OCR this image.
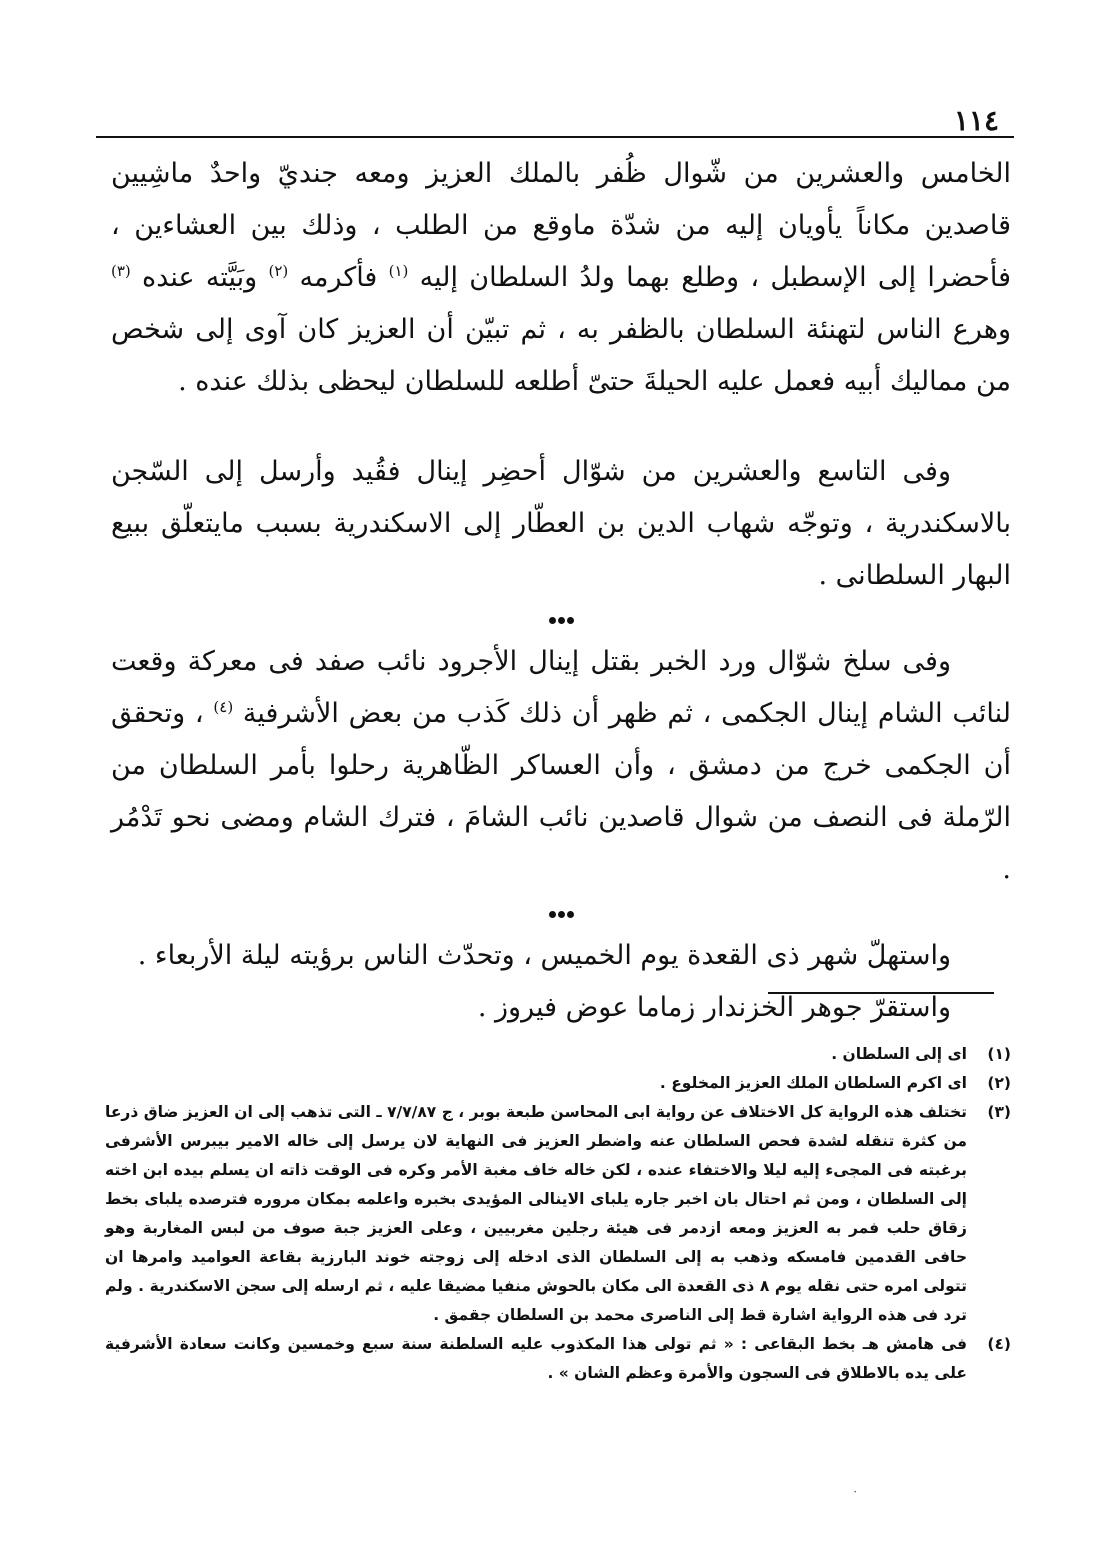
١١٤

الخامس والعشرين من شّوال ظُفر بالملك العزيز ومعه جنديّ واحدٌ ماشِيين قاصدين مكاناً يأويان إليه من شدّة ماوقع من الطلب ، وذلك بين العشاءين ، فأحضرا إلى الإسطبل ، وطلع بهما ولدُ السلطان إليه $^{(١)}$ فأكرمه $^{(٢)}$ وبَيَّته عنده $^{(٣)}$ وهرع الناس لتهنئة السلطان بالظفر به ، ثم تبيّن أن العزيز كان آوى إلى شخص من مماليك أبيه فعمل عليه الحيلةَ حتىّ أطلعه للسلطان ليحظى بذلك عنده .

وفى التاسع والعشرين من شوّال أحضِر إينال فقُيد وأرسل إلى السّجن بالاسكندرية ، وتوجّه شهاب الدين بن العطّار إلى الاسكندرية بسبب مايتعلّق ببيع البهار السلطانى .

وفى سلخ شوّال ورد الخبر بقتل إينال الأجرود نائب صفد فى معركة وقعت لنائب الشام إينال الجكمى ، ثم ظهر أن ذلك كَذب من بعض الأشرفية $^{(٤)}$ ، وتحقق أن الجكمى خرج من دمشق ، وأن العساكر الظّاهرية رحلوا بأمر السلطان من الرّملة فى النصف من شوال قاصدين نائب الشامَ ، فترك الشام ومضى نحو تَدْمُر .

واستهلّ شهر ذى القعدة يوم الخميس ، وتحدّث الناس برؤيته ليلة الأربعاء .

واستقرّ جوهر الخزندار زماما عوض فيروز .

(١)
اى إلى السلطان .
(٢)
اى اكرم السلطان الملك العزيز المخلوع .
(٣)
تختلف هذه الرواية كل الاختلاف عن رواية ابى المحاسن طبعة بوبر ، ج ٧/٧/٨٧ ـ التى تذهب إلى ان العزيز ضاق ذرعا من كثرة تنقله لشدة فحص السلطان عنه واضطر العزيز فى النهاية لان يرسل إلى خاله الامير بيبرس الأشرفى برغبته فى المجىء إليه ليلا والاختفاء عنده ، لكن خاله خاف مغبة الأمر وكره فى الوقت ذاته ان يسلم بيده ابن اخته إلى السلطان ، ومن ثم احتال بان اخبر جاره يلباى الاينالى المؤيدى بخبره واعلمه بمكان مروره فترصده يلباى بخط زقاق حلب فمر به العزيز ومعه ازدمر فى هيئة رجلين مغربيين ، وعلى العزيز جبة صوف من لبس المغاربة وهو حافى القدمين فامسكه وذهب به إلى السلطان الذى ادخله إلى زوجته خوند البارزية بقاعة العواميد وامرها ان تتولى امره حتى نقله يوم ٨ ذى القعدة الى مكان بالحوش منفيا مضيقا عليه ، ثم ارسله إلى سجن الاسكندرية . ولم ترد فى هذه الرواية اشارة قط إلى الناصرى محمد بن السلطان جقمق .
(٤)
فى هامش هـ بخط البقاعى : « ثم تولى هذا المكذوب عليه السلطنة سنة سبع وخمسين وكانت سعادة الأشرفية على يده بالاطلاق فى السجون والأمرة وعظم الشان » .
٠
